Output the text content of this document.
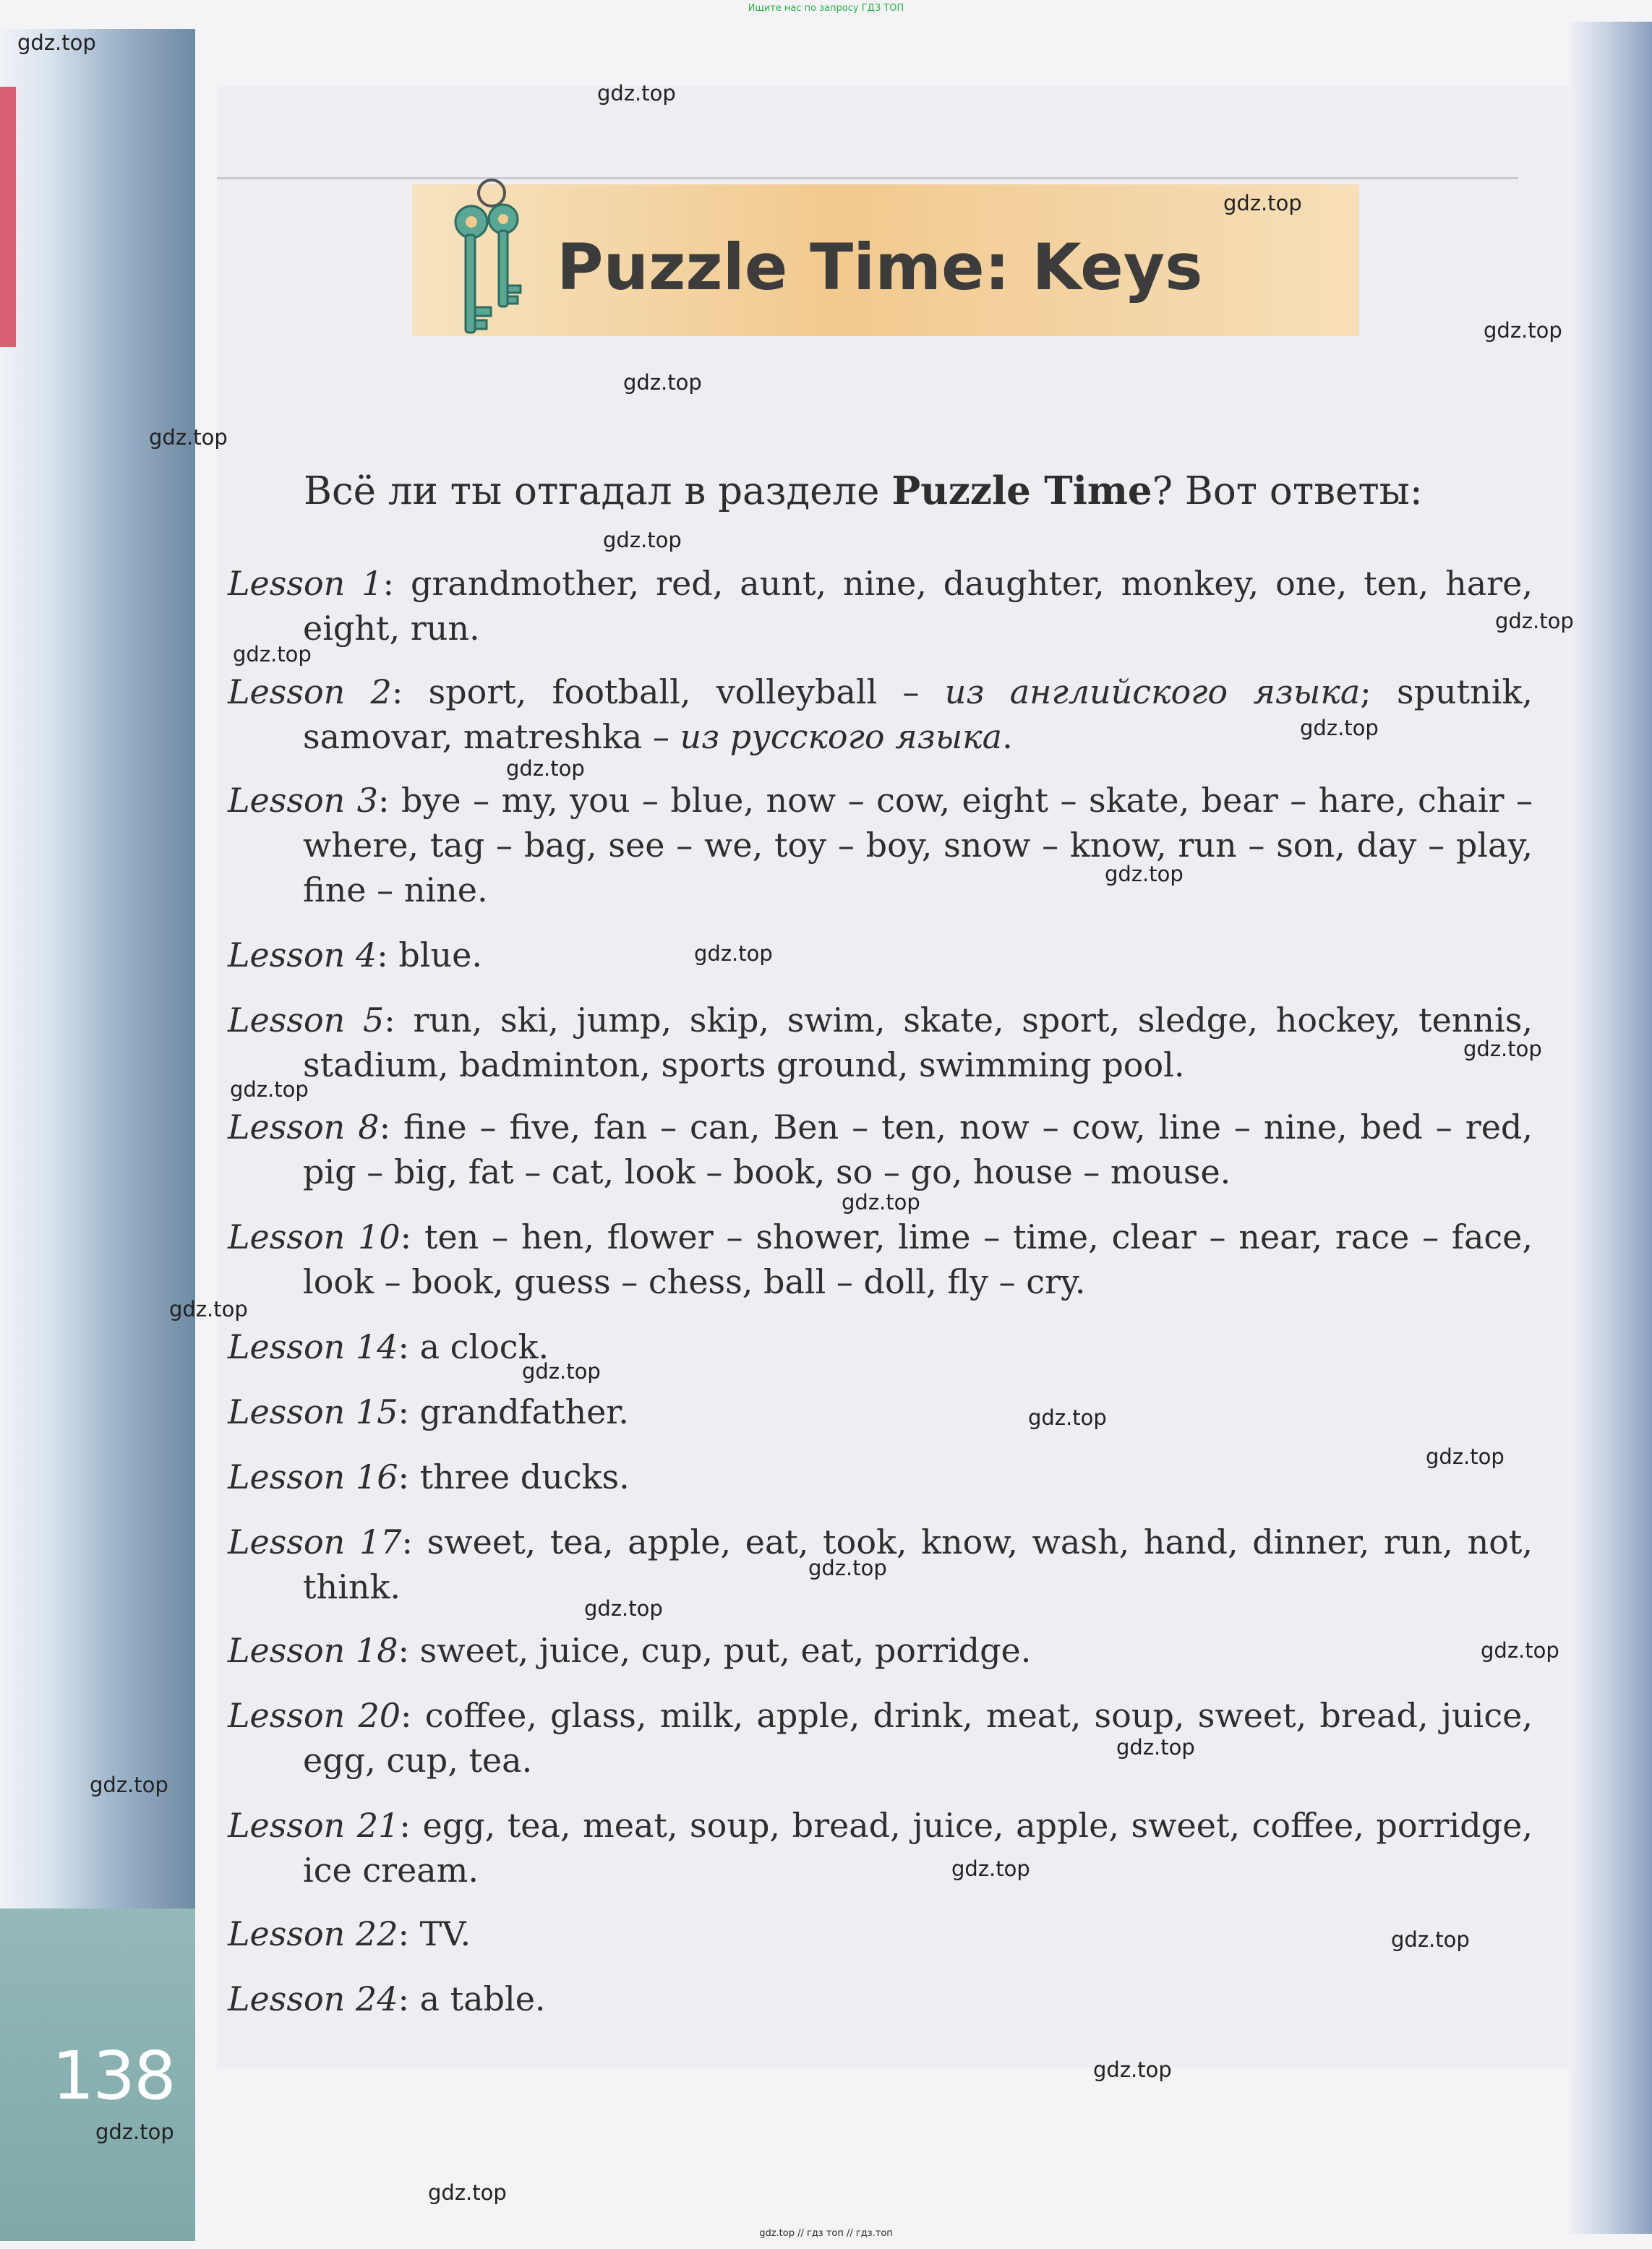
Ищите нас по запросу ГДЗ ТОП
Puzzle Time: Keys
Всё ли ты отгадал в разделе Puzzle Time? Вот ответы:
Lesson 1: grandmother, red, aunt, nine, daughter, monkey, one, ten, hare, eight, run.
Lesson 2: sport, football, volleyball – из английского языка; sputnik, samovar, matreshka – из русского языка.
Lesson 3: bye – my, you – blue, now – cow, eight – skate, bear – hare, chair – where, tag – bag, see – we, toy – boy, snow – know, run – son, day – play, fine – nine.
Lesson 4: blue.
Lesson 5: run, ski, jump, skip, swim, skate, sport, sledge, hockey, tennis, stadium, badminton, sports ground, swimming pool.
Lesson 8: fine – five, fan – can, Ben – ten, now – cow, line – nine, bed – red, pig – big, fat – cat, look – book, so – go, house – mouse.
Lesson 10: ten – hen, flower – shower, lime – time, clear – near, race – face, look – book, guess – chess, ball – doll, fly – cry.
Lesson 14: a clock.
Lesson 15: grandfather.
Lesson 16: three ducks.
Lesson 17: sweet, tea, apple, eat, took, know, wash, hand, dinner, run, not, think.
Lesson 18: sweet, juice, cup, put, eat, porridge.
Lesson 20: coffee, glass, milk, apple, drink, meat, soup, sweet, bread, juice, egg, cup, tea.
Lesson 21: egg, tea, meat, soup, bread, juice, apple, sweet, coffee, porridge, ice cream.
Lesson 22: TV.
Lesson 24: a table.
138
gdz.top
gdz.top
gdz.top
gdz.top
gdz.top
gdz.top
gdz.top
gdz.top
gdz.top
gdz.top
gdz.top
gdz.top
gdz.top
gdz.top
gdz.top
gdz.top
gdz.top
gdz.top
gdz.top
gdz.top
gdz.top
gdz.top
gdz.top
gdz.top
gdz.top
gdz.top
gdz.top
gdz.top
gdz.top
gdz.top
gdz.top // гдз топ // гдз.топ
